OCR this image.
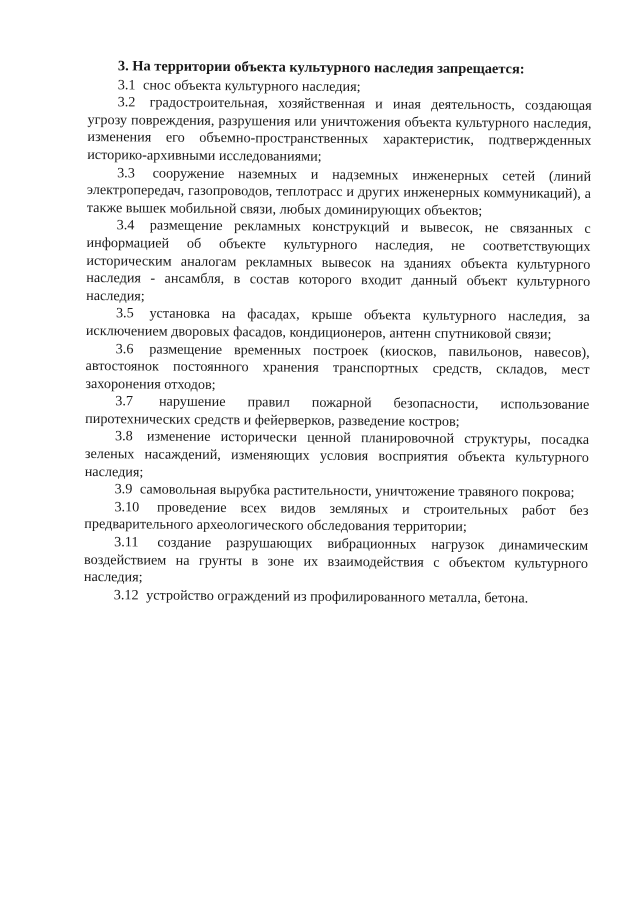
3. На территории объекта культурного наследия запрещается:

3.1 снос объекта культурного наследия;

3.2 градостроительная, хозяйственная и иная деятельность, создающая угрозу повреждения, разрушения или уничтожения объекта культурного наследия, изменения его объемно-пространственных характеристик, подтвержденных историко-архивными исследованиями;

3.3 сооружение наземных и надземных инженерных сетей (линий электропередач, газопроводов, теплотрасс и других инженерных коммуникаций), а также вышек мобильной связи, любых доминирующих объектов;

3.4 размещение рекламных конструкций и вывесок, не связанных с информацией об объекте культурного наследия, не соответствующих историческим аналогам рекламных вывесок на зданиях объекта культурного наследия - ансамбля, в состав которого входит данный объект культурного наследия;

3.5 установка на фасадах, крыше объекта культурного наследия, за исключением дворовых фасадов, кондиционеров, антенн спутниковой связи;

3.6 размещение временных построек (киосков, павильонов, навесов), автостоянок постоянного хранения транспортных средств, складов, мест захоронения отходов;

3.7 нарушение правил пожарной безопасности, использование пиротехнических средств и фейерверков, разведение костров;

3.8 изменение исторически ценной планировочной структуры, посадка зеленых насаждений, изменяющих условия восприятия объекта культурного наследия;

3.9 самовольная вырубка растительности, уничтожение травяного покрова;

3.10 проведение всех видов земляных и строительных работ без предварительного археологического обследования территории;

3.11 создание разрушающих вибрационных нагрузок динамическим воздействием на грунты в зоне их взаимодействия с объектом культурного наследия;

3.12 устройство ограждений из профилированного металла, бетона.
